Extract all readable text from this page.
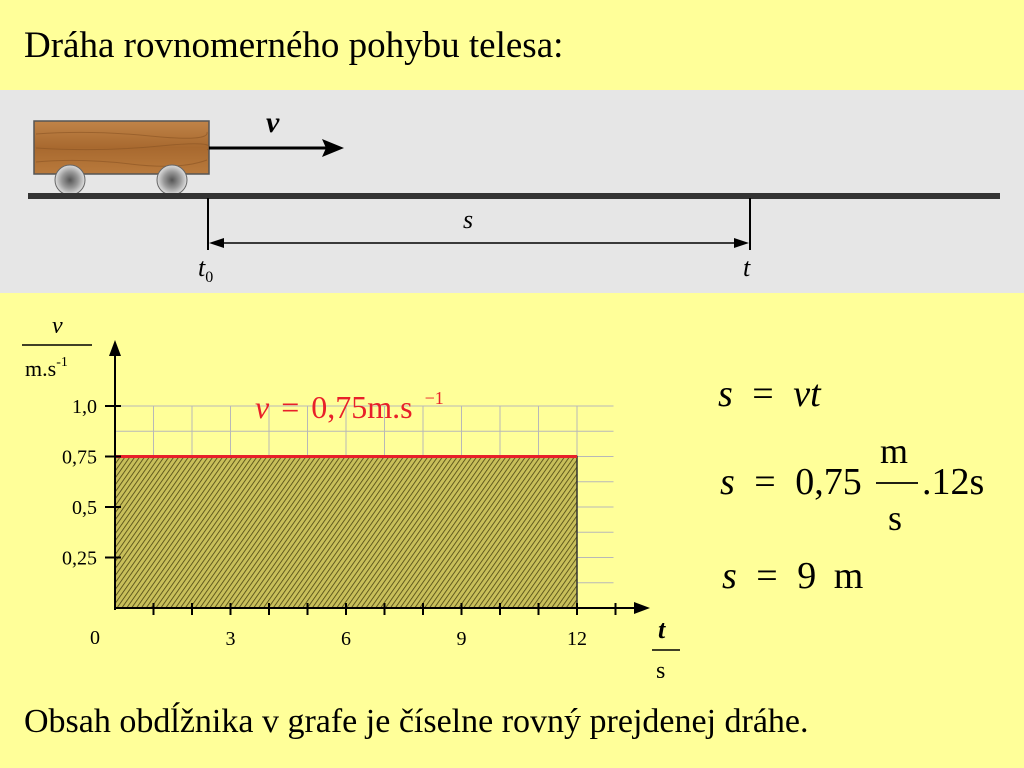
Dráha rovnomerného pohybu telesa:
v
s
$t_0$	t
3	6	9	12
0,25
0,5
0,75
1,0
v
$m.s^{-1}$
t
s
0
v = 0,75m.s $^{-1}$	s = vt
s = 0,75
m
s
.12s
s = 9 m
Obsah obdĺžnika v grafe je číselne rovný prejdenej dráhe.
